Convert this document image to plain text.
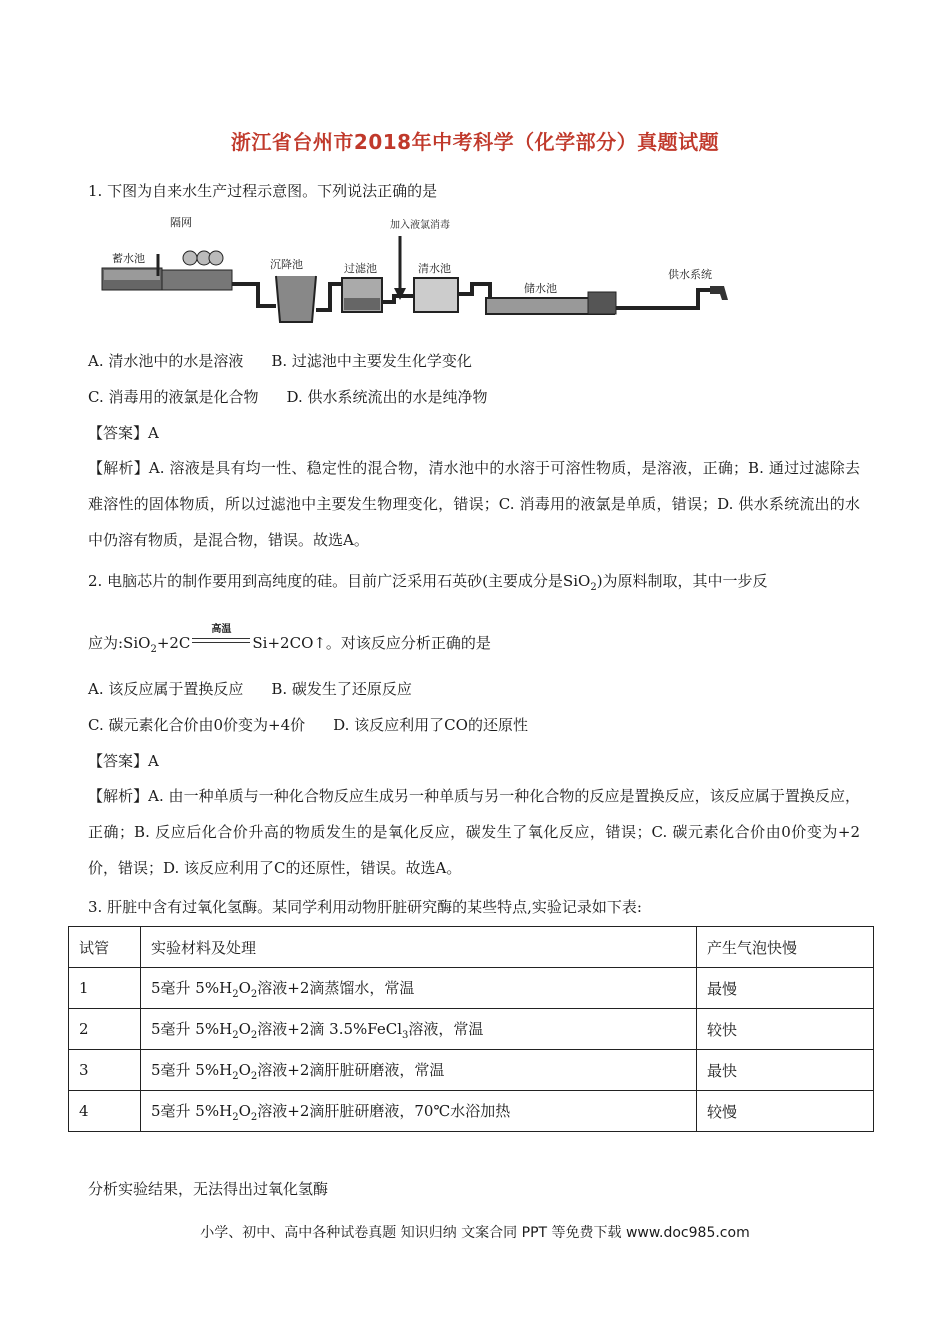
浙江省台州市2018年中考科学（化学部分）真题试题
1. 下图为自来水生产过程示意图。下列说法正确的是
蓄水池
隔网
沉降池	过滤池
加入液氯消毒
清水池
储水池
供水系统
A. 清水池中的水是溶液 B. 过滤池中主要发生化学变化
C. 消毒用的液氯是化合物 D. 供水系统流出的水是纯净物
【答案】A
【解析】A. 溶液是具有均一性、稳定性的混合物，清水池中的水溶于可溶性物质，是溶液，正确；B. 通过过滤除去难溶性的固体物质，所以过滤池中主要发生物理变化，错误；C. 消毒用的液氯是单质，错误；D. 供水系统流出的水中仍溶有物质，是混合物，错误。故选A。
2. 电脑芯片的制作要用到高纯度的硅。目前广泛采用石英砂(主要成分是SiO$_2$)为原料制取，其中一步反
应为:SiO$_2$+2C
高温
Si+2CO↑。对该反应分析正确的是
A. 该反应属于置换反应 B. 碳发生了还原反应
C. 碳元素化合价由0价变为+4价 D. 该反应利用了CO的还原性
【答案】A
【解析】A. 由一种单质与一种化合物反应生成另一种单质与另一种化合物的反应是置换反应，该反应属于置换反应，正确；B. 反应后化合价升高的物质发生的是氧化反应，碳发生了氧化反应，错误；C. 碳元素化合价由0价变为+2价，错误；D. 该反应利用了C的还原性，错误。故选A。
3. 肝脏中含有过氧化氢酶。某同学利用动物肝脏研究酶的某些特点,实验记录如下表:
试管	实验材料及处理	产生气泡快慢
1	5毫升 $5\%H_2O_2$溶液+2滴蒸馏水，常温	最慢
2	5毫升 $5\%H_2O_2$溶液+2滴 3.5%FeCl$_3$溶液，常温	较快
3	5毫升 $5\%H_2O_2$溶液+2滴肝脏研磨液，常温	最快
4	5毫升 $5\%H_2O_2$溶液+2滴肝脏研磨液，70℃水浴加热	较慢
分析实验结果，无法得出过氧化氢酶
小学、初中、高中各种试卷真题 知识归纳 文案合同 PPT 等免费下载 www.doc985.com
